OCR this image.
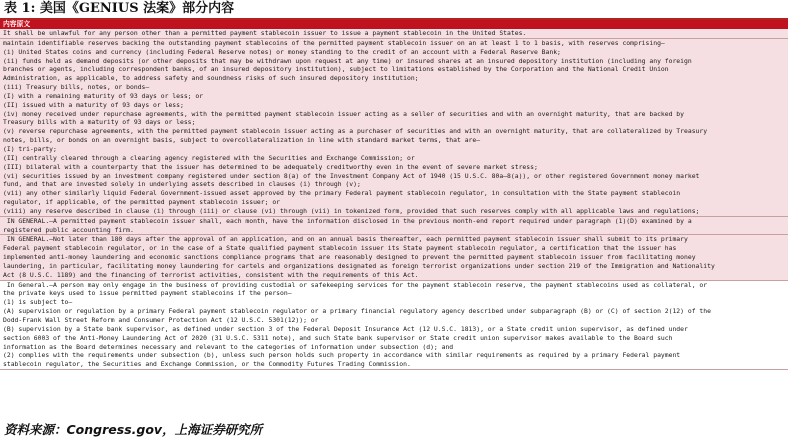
表 1: 美国《GENIUS 法案》部分内容
内容原文
It shall be unlawful for any person other than a permitted payment stablecoin issuer to issue a payment stablecoin in the United States.
maintain identifiable reserves backing the outstanding payment stablecoins of the permitted payment stablecoin issuer on an at least 1 to 1 basis, with reserves comprising—
(i) United States coins and currency (including Federal Reserve notes) or money standing to the credit of an account with a Federal Reserve Bank;
(ii) funds held as demand deposits (or other deposits that may be withdrawn upon request at any time) or insured shares at an insured depository institution (including any foreign
branches or agents, including correspondent banks, of an insured depository institution), subject to limitations established by the Corporation and the National Credit Union
Administration, as applicable, to address safety and soundness risks of such insured depository institution;
(iii) Treasury bills, notes, or bonds—
(I) with a remaining maturity of 93 days or less; or
(II) issued with a maturity of 93 days or less;
(iv) money received under repurchase agreements, with the permitted payment stablecoin issuer acting as a seller of securities and with an overnight maturity, that are backed by
Treasury bills with a maturity of 93 days or less;
(v) reverse repurchase agreements, with the permitted payment stablecoin issuer acting as a purchaser of securities and with an overnight maturity, that are collateralized by Treasury
notes, bills, or bonds on an overnight basis, subject to overcollateralization in line with standard market terms, that are—
(I) tri-party;
(II) centrally cleared through a clearing agency registered with the Securities and Exchange Commission; or
(III) bilateral with a counterparty that the issuer has determined to be adequately creditworthy even in the event of severe market stress;
(vi) securities issued by an investment company registered under section 8(a) of the Investment Company Act of 1940 (15 U.S.C. 80a–8(a)), or other registered Government money market
fund, and that are invested solely in underlying assets described in clauses (i) through (v);
(vii) any other similarly liquid Federal Government-issued asset approved by the primary Federal payment stablecoin regulator, in consultation with the State payment stablecoin
regulator, if applicable, of the permitted payment stablecoin issuer; or
(viii) any reserve described in clause (i) through (iii) or clause (vi) through (vii) in tokenized form, provided that such reserves comply with all applicable laws and regulations;
IN GENERAL.—A permitted payment stablecoin issuer shall, each month, have the information disclosed in the previous month-end report required under paragraph (1)(D) examined by a
registered public accounting firm.
IN GENERAL.—Not later than 180 days after the approval of an application, and on an annual basis thereafter, each permitted payment stablecoin issuer shall submit to its primary
Federal payment stablecoin regulator, or in the case of a State qualified payment stablecoin issuer its State payment stablecoin regulator, a certification that the issuer has
implemented anti-money laundering and economic sanctions compliance programs that are reasonably designed to prevent the permitted payment stablecoin issuer from facilitating money
laundering, in particular, facilitating money laundering for cartels and organizations designated as foreign terrorist organizations under section 219 of the Immigration and Nationality
Act (8 U.S.C. 1189) and the financing of terrorist activities, consistent with the requirements of this Act.
In General.—A person may only engage in the business of providing custodial or safekeeping services for the payment stablecoin reserve, the payment stablecoins used as collateral, or
the private keys used to issue permitted payment stablecoins if the person—
(1) is subject to—
(A) supervision or regulation by a primary Federal payment stablecoin regulator or a primary financial regulatory agency described under subparagraph (B) or (C) of section 2(12) of the
Dodd-Frank Wall Street Reform and Consumer Protection Act (12 U.S.C. 5301(12)); or
(B) supervision by a State bank supervisor, as defined under section 3 of the Federal Deposit Insurance Act (12 U.S.C. 1813), or a State credit union supervisor, as defined under
section 6003 of the Anti-Money Laundering Act of 2020 (31 U.S.C. 5311 note), and such State bank supervisor or State credit union supervisor makes available to the Board such
information as the Board determines necessary and relevant to the categories of information under subsection (d); and
(2) complies with the requirements under subsection (b), unless such person holds such property in accordance with similar requirements as required by a primary Federal payment
stablecoin regulator, the Securities and Exchange Commission, or the Commodity Futures Trading Commission.
资料来源：Congress.gov，上海证券研究所
